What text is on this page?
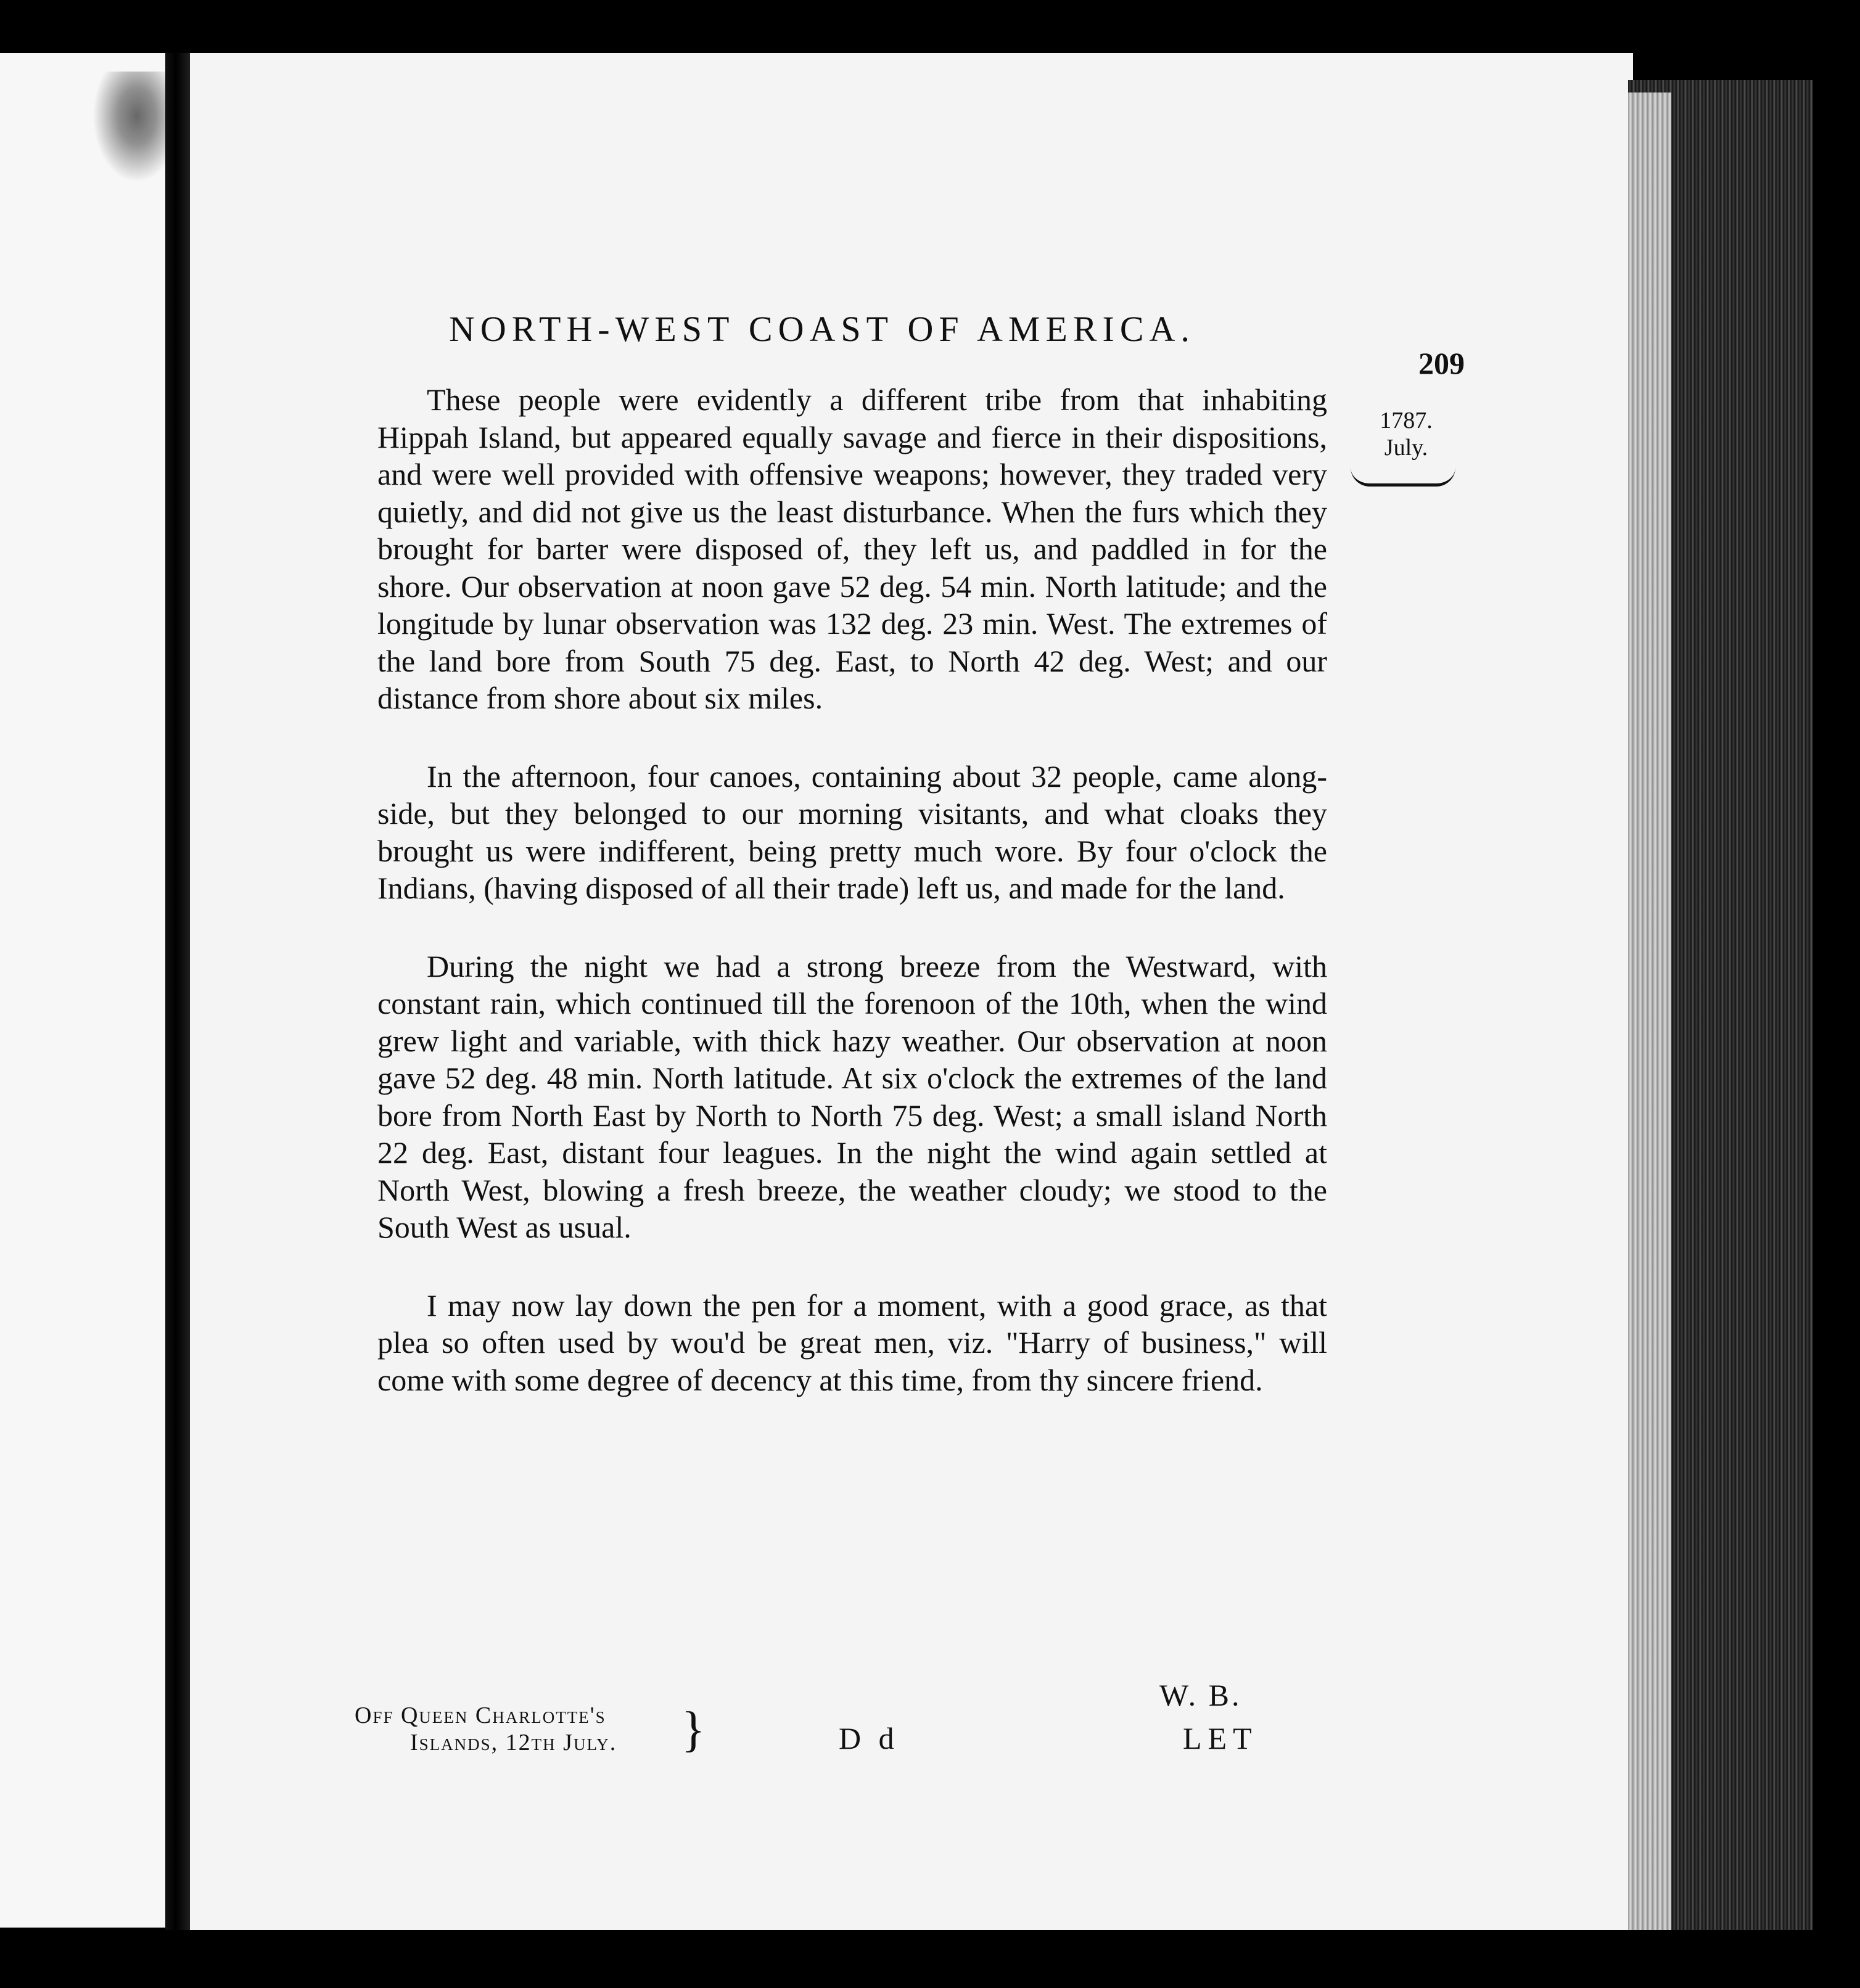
NORTH-WEST COAST OF AMERICA.
209
1787.
July.

These people were evidently a different tribe from that inhabiting Hippah Island, but appeared equally savage and fierce in their dispositions, and were well provided with offensive weapons; however, they traded very quietly, and did not give us the least disturbance. When the furs which they brought for barter were disposed of, they left us, and paddled in for the shore. Our observation at noon gave 52 deg. 54 min. North latitude; and the longitude by lunar observation was 132 deg. 23 min. West. The extremes of the land bore from South 75 deg. East, to North 42 deg. West; and our distance from shore about six miles.

In the afternoon, four canoes, containing about 32 people, came along-side, but they belonged to our morning visitants, and what cloaks they brought us were indifferent, being pretty much wore. By four o'clock the Indians, (having disposed of all their trade) left us, and made for the land.

During the night we had a strong breeze from the Westward, with constant rain, which continued till the forenoon of the 10th, when the wind grew light and variable, with thick hazy weather. Our observation at noon gave 52 deg. 48 min. North latitude. At six o'clock the extremes of the land bore from North East by North to North 75 deg. West; a small island North 22 deg. East, distant four leagues. In the night the wind again settled at North West, blowing a fresh breeze, the weather cloudy; we stood to the South West as usual.

I may now lay down the pen for a moment, with a good grace, as that plea so often used by wou'd be great men, viz. "Harry of business," will come with some degree of decency at this time, from thy sincere friend.

W. B.
Off Queen Charlotte's
Islands, 12th July.	}	D d	LET
